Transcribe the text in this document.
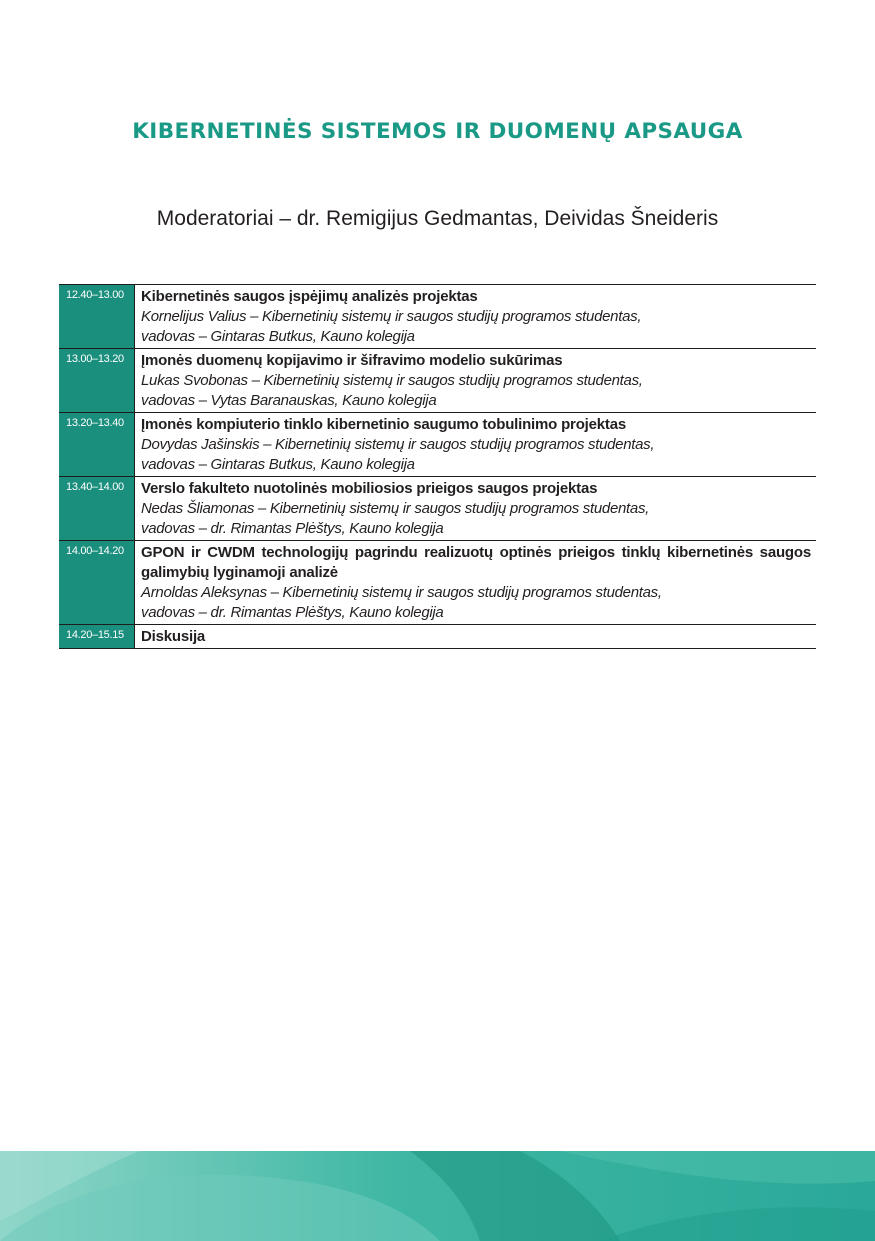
KIBERNETINĖS SISTEMOS IR DUOMENŲ APSAUGA
Moderatoriai – dr. Remigijus Gedmantas, Deividas Šneideris
12.40–13.00	Kibernetinės saugos įspėjimų analizės projektas
Kornelijus Valius – Kibernetinių sistemų ir saugos studijų programos studentas,
vadovas – Gintaras Butkus, Kauno kolegija
13.00–13.20	Įmonės duomenų kopijavimo ir šifravimo modelio sukūrimas
Lukas Svobonas – Kibernetinių sistemų ir saugos studijų programos studentas,
vadovas – Vytas Baranauskas, Kauno kolegija
13.20–13.40	Įmonės kompiuterio tinklo kibernetinio saugumo tobulinimo projektas
Dovydas Jašinskis – Kibernetinių sistemų ir saugos studijų programos studentas,
vadovas – Gintaras Butkus, Kauno kolegija
13.40–14.00	Verslo fakulteto nuotolinės mobiliosios prieigos saugos projektas
Nedas Šliamonas – Kibernetinių sistemų ir saugos studijų programos studentas,
vadovas – dr. Rimantas Plėštys, Kauno kolegija
14.00–14.20	GPON ir CWDM technologijų pagrindu realizuotų optinės prieigos tinklų kibernetinės saugos galimybių lyginamoji analizė
Arnoldas Aleksynas – Kibernetinių sistemų ir saugos studijų programos studentas,
vadovas – dr. Rimantas Plėštys, Kauno kolegija
14.20–15.15	Diskusija
